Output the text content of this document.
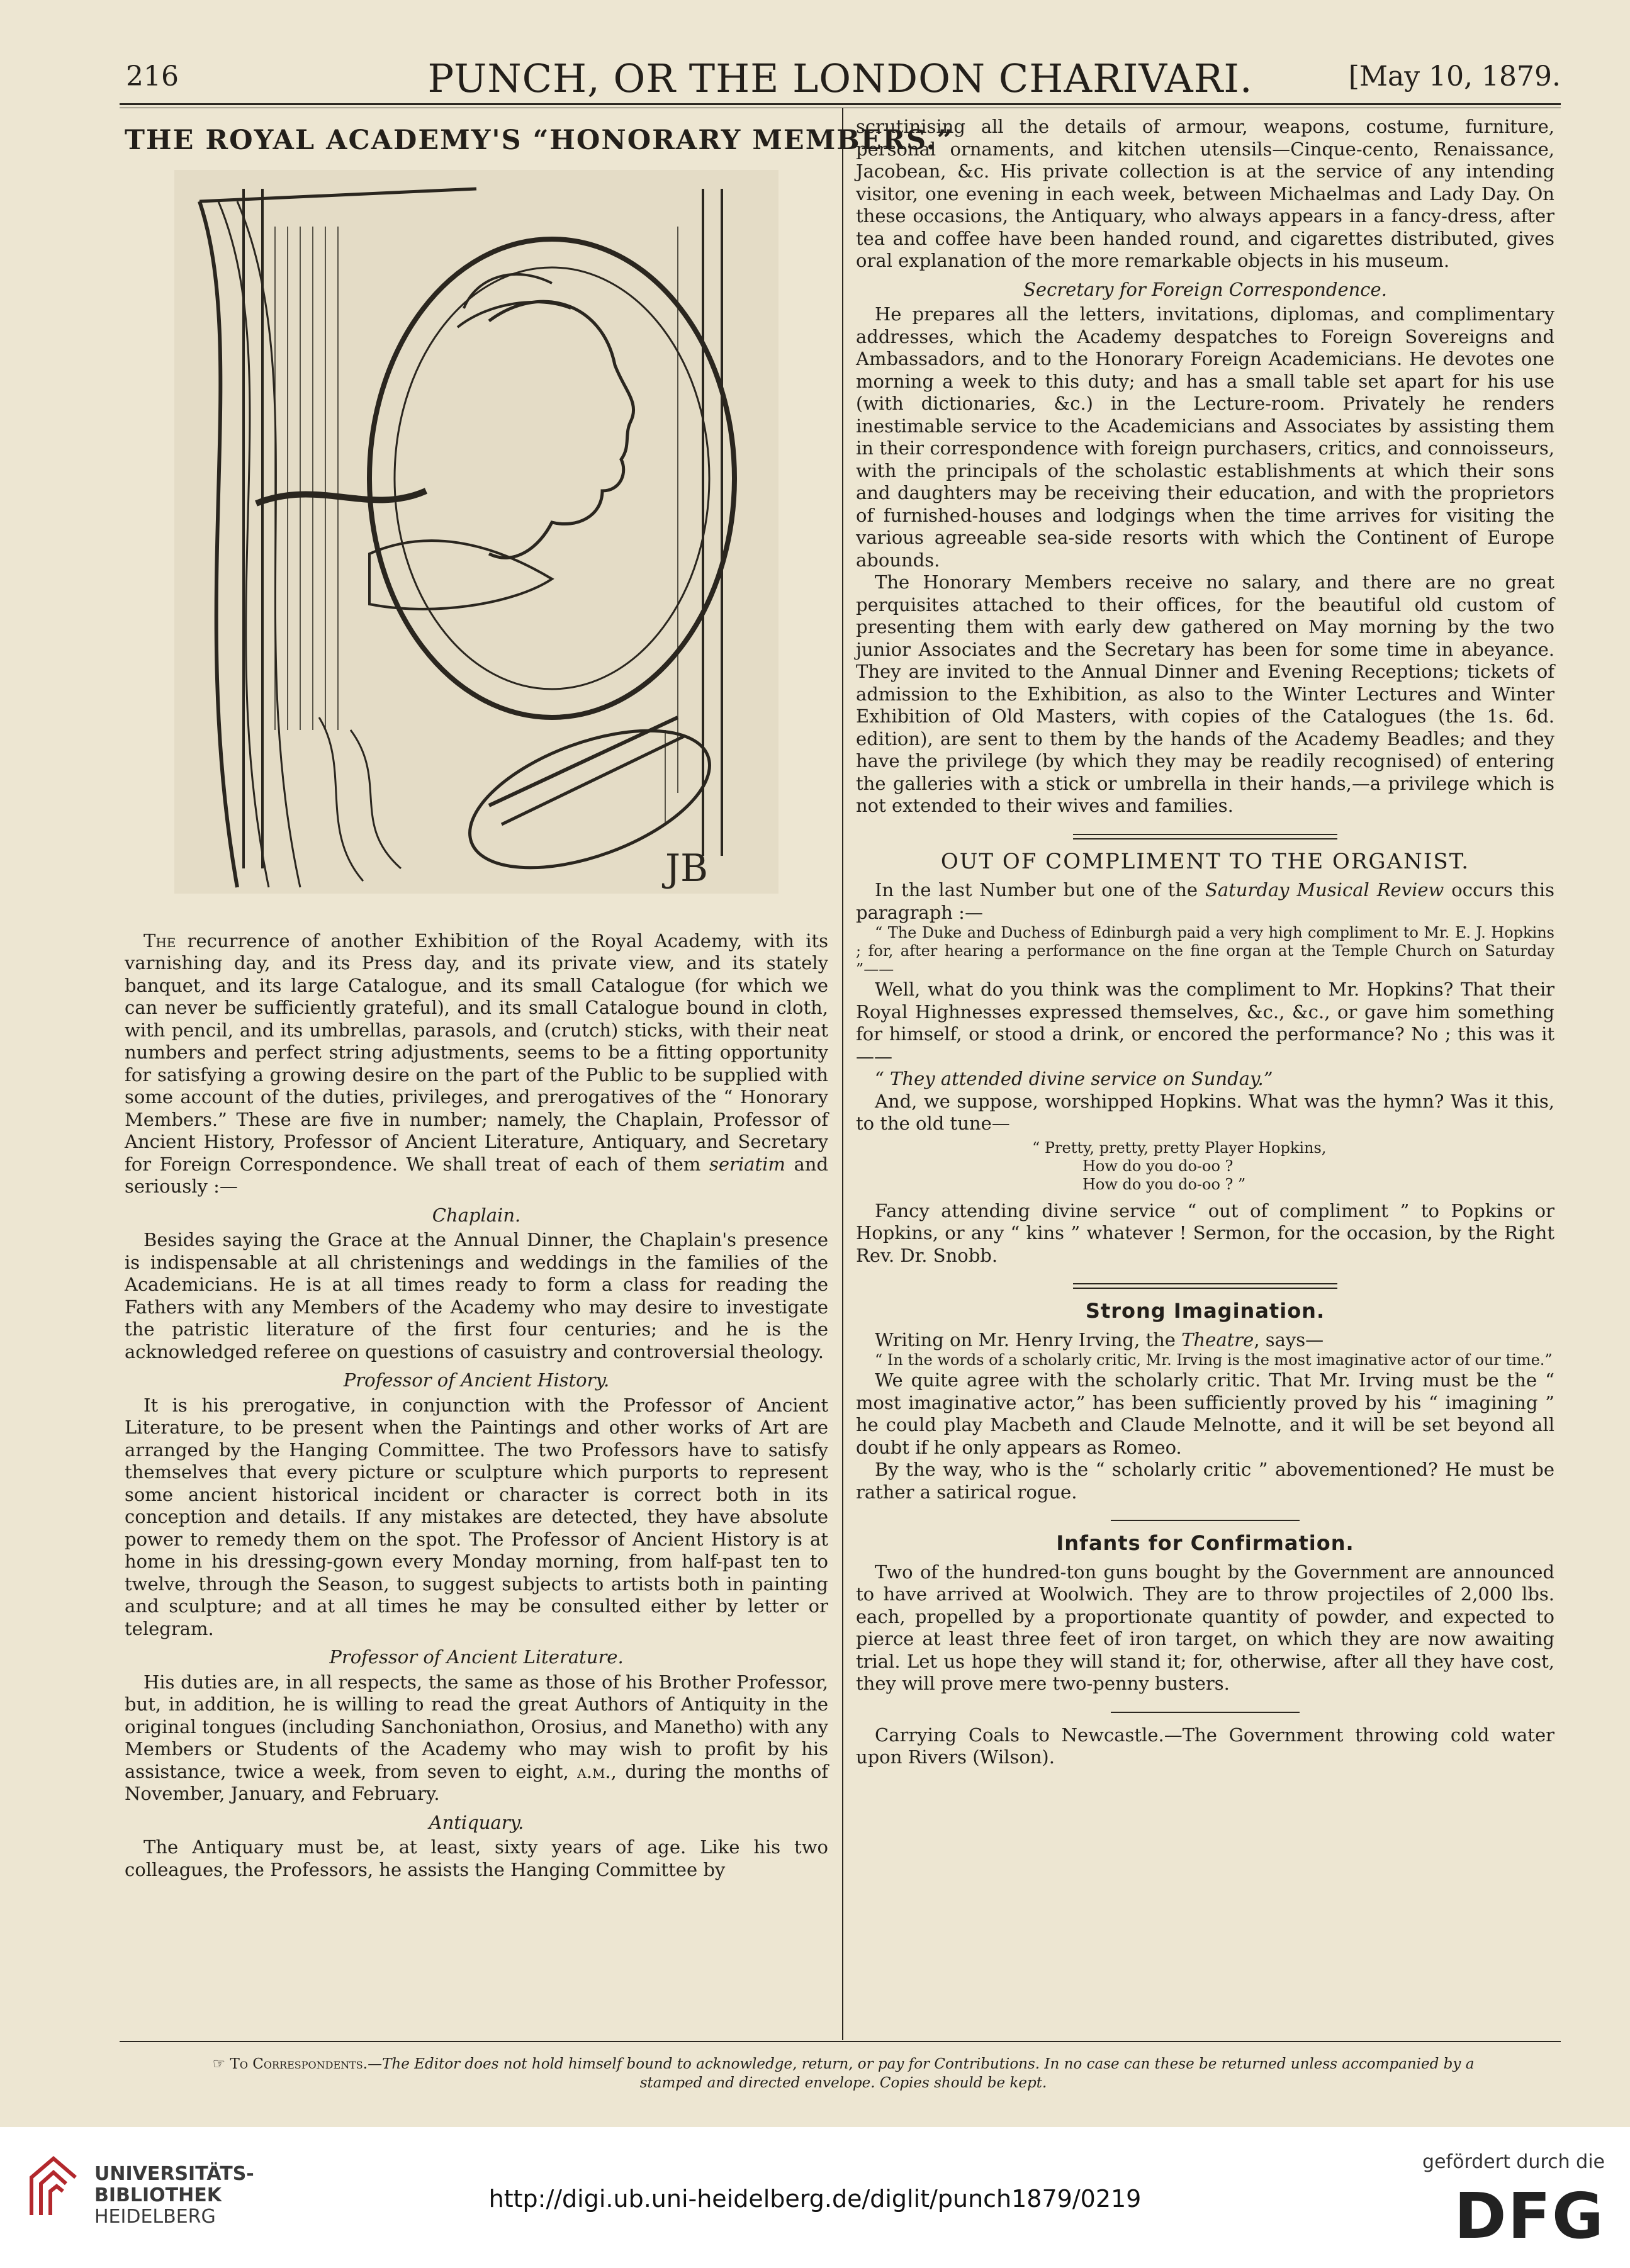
216	PUNCH, OR THE LONDON CHARIVARI.	[May 10, 1879.
THE ROYAL ACADEMY'S “HONORARY MEMBERS.”
JB

The recurrence of another Exhibition of the Royal Academy, with its varnishing day, and its Press day, and its private view, and its stately banquet, and its large Catalogue, and its small Catalogue (for which we can never be sufficiently grateful), and its small Catalogue bound in cloth, with pencil, and its umbrellas, parasols, and (crutch) sticks, with their neat numbers and perfect string adjustments, seems to be a fitting opportunity for satisfying a growing desire on the part of the Public to be supplied with some account of the duties, privileges, and prerogatives of the “ Honorary Members.” These are five in number; namely, the Chaplain, Professor of Ancient History, Professor of Ancient Literature, Antiquary, and Secretary for Foreign Correspondence. We shall treat of each of them seriatim and seriously :—

Chaplain.

Besides saying the Grace at the Annual Dinner, the Chaplain's presence is indispensable at all christenings and weddings in the families of the Academicians. He is at all times ready to form a class for reading the Fathers with any Members of the Academy who may desire to investigate the patristic literature of the first four centuries; and he is the acknowledged referee on questions of casuistry and controversial theology.

Professor of Ancient History.

It is his prerogative, in conjunction with the Professor of Ancient Literature, to be present when the Paintings and other works of Art are arranged by the Hanging Committee. The two Professors have to satisfy themselves that every picture or sculpture which purports to represent some ancient historical incident or character is correct both in its conception and details. If any mistakes are detected, they have absolute power to remedy them on the spot. The Professor of Ancient History is at home in his dressing-gown every Monday morning, from half-past ten to twelve, through the Season, to suggest subjects to artists both in painting and sculpture; and at all times he may be consulted either by letter or telegram.

Professor of Ancient Literature.

His duties are, in all respects, the same as those of his Brother Professor, but, in addition, he is willing to read the great Authors of Antiquity in the original tongues (including Sanchoniathon, Orosius, and Manetho) with any Members or Students of the Academy who may wish to profit by his assistance, twice a week, from seven to eight, a.m., during the months of November, January, and February.

Antiquary.

The Antiquary must be, at least, sixty years of age. Like his two colleagues, the Professors, he assists the Hanging Committee by

scrutinising all the details of armour, weapons, costume, furniture, personal ornaments, and kitchen utensils—Cinque-cento, Renaissance, Jacobean, &c. His private collection is at the service of any intending visitor, one evening in each week, between Michaelmas and Lady Day. On these occasions, the Antiquary, who always appears in a fancy-dress, after tea and coffee have been handed round, and cigarettes distributed, gives oral explanation of the more remarkable objects in his museum.

Secretary for Foreign Correspondence.

He prepares all the letters, invitations, diplomas, and complimentary addresses, which the Academy despatches to Foreign Sovereigns and Ambassadors, and to the Honorary Foreign Academicians. He devotes one morning a week to this duty; and has a small table set apart for his use (with dictionaries, &c.) in the Lecture-room. Privately he renders inestimable service to the Academicians and Associates by assisting them in their correspondence with foreign purchasers, critics, and connoisseurs, with the principals of the scholastic establishments at which their sons and daughters may be receiving their education, and with the proprietors of furnished-houses and lodgings when the time arrives for visiting the various agreeable sea-side resorts with which the Continent of Europe abounds.

The Honorary Members receive no salary, and there are no great perquisites attached to their offices, for the beautiful old custom of presenting them with early dew gathered on May morning by the two junior Associates and the Secretary has been for some time in abeyance. They are invited to the Annual Dinner and Evening Receptions; tickets of admission to the Exhibition, as also to the Winter Lectures and Winter Exhibition of Old Masters, with copies of the Catalogues (the 1s. 6d. edition), are sent to them by the hands of the Academy Beadles; and they have the privilege (by which they may be readily recognised) of entering the galleries with a stick or umbrella in their hands,—a privilege which is not extended to their wives and families.

OUT OF COMPLIMENT TO THE ORGANIST.

In the last Number but one of the Saturday Musical Review occurs this paragraph :—

“ The Duke and Duchess of Edinburgh paid a very high compliment to Mr. E. J. Hopkins ; for, after hearing a performance on the fine organ at the Temple Church on Saturday ”——

Well, what do you think was the compliment to Mr. Hopkins? That their Royal Highnesses expressed themselves, &c., &c., or gave him something for himself, or stood a drink, or encored the performance? No ; this was it ——

“ They attended divine service on Sunday.”

And, we suppose, worshipped Hopkins. What was the hymn? Was it this, to the old tune—

“ Pretty, pretty, pretty Player Hopkins,
How do you do-oo ?
How do you do-oo ? ”

Fancy attending divine service “ out of compliment ” to Popkins or Hopkins, or any “ kins ” whatever ! Sermon, for the occasion, by the Right Rev. Dr. Snobb.

Strong Imagination.

Writing on Mr. Henry Irving, the Theatre, says—

“ In the words of a scholarly critic, Mr. Irving is the most imaginative actor of our time.”

We quite agree with the scholarly critic. That Mr. Irving must be the “ most imaginative actor,” has been sufficiently proved by his “ imagining ” he could play Macbeth and Claude Melnotte, and it will be set beyond all doubt if he only appears as Romeo.

By the way, who is the “ scholarly critic ” abovementioned? He must be rather a satirical rogue.

Infants for Confirmation.

Two of the hundred-ton guns bought by the Government are announced to have arrived at Woolwich. They are to throw projectiles of 2,000 lbs. each, propelled by a proportionate quantity of powder, and expected to pierce at least three feet of iron target, on which they are now awaiting trial. Let us hope they will stand it; for, otherwise, after all they have cost, they will prove mere two-penny busters.

Carrying Coals to Newcastle.—The Government throwing cold water upon Rivers (Wilson).

☞ To Correspondents.—The Editor does not hold himself bound to acknowledge, return, or pay for Contributions. In no case can these be returned unless accompanied by a stamped and directed envelope. Copies should be kept.
UNIVERSITÄTS-
BIBLIOTHEK
HEIDELBERG
http://digi.ub.uni-heidelberg.de/diglit/punch1879/0219
gefördert durch die
DFG
